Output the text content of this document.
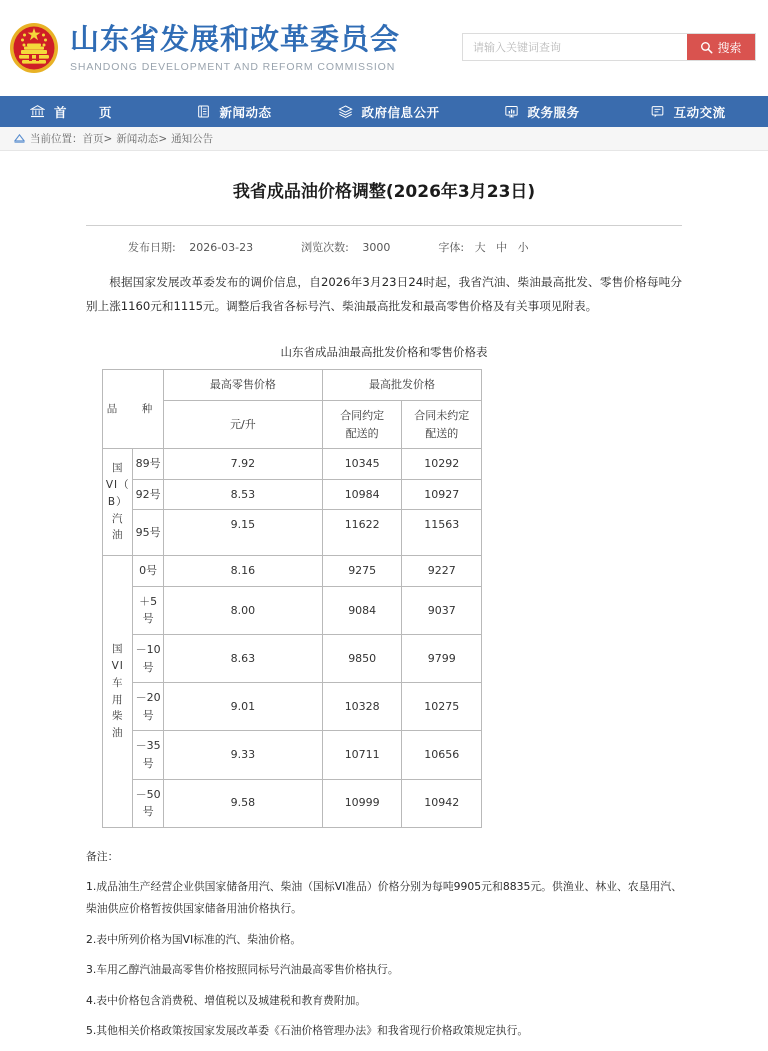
山东省发展和改革委员会
SHANDONG DEVELOPMENT AND REFORM COMMISSION
请输入关键词查询
搜索
首　页	新闻动态	政府信息公开	政务服务	互动交流
当前位置： 首页 > 新闻动态 > 通知公告
我省成品油价格调整(2026年3月23日)
发布日期: 2026-03-23	浏览次数: 3000	字体: 大 中 小

根据国家发展改革委发布的调价信息，自2026年3月23日24时起，我省汽油、柴油最高批发、零售价格每吨分别上涨1160元和1115元。调整后我省各标号汽、柴油最高批发和最高零售价格及有关事项见附表。

山东省成品油最高批发价格和零售价格表
品　种		最高零售价格	最高批发价格	
		元/升	合同约定
配送的	合同未约定
配送的

国
VI（
B）
汽
油	89号	7.92	10345	10292
	92号	8.53	10984	10927
	95号	9.15	11622	11563
国
VI
车
用
柴
油	0号	8.16	9275	9227
	＋5号	8.00	9084	9037
	－10号	8.63	9850	9799
	－20号	9.01	10328	10275
	－35号	9.33	10711	10656
	－50号	9.58	10999	10942

备注：

1.成品油生产经营企业供国家储备用汽、柴油（国标VI准品）价格分别为每吨9905元和8835元。供渔业、林业、农垦用汽、柴油供应价格暂按供国家储备用油价格执行。

2.表中所列价格为国VI标准的汽、柴油价格。

3.车用乙醇汽油最高零售价格按照同标号汽油最高零售价格执行。

4.表中价格包含消费税、增值税以及城建税和教育费附加。

5.其他相关价格政策按国家发展改革委《石油价格管理办法》和我省现行价格政策规定执行。
